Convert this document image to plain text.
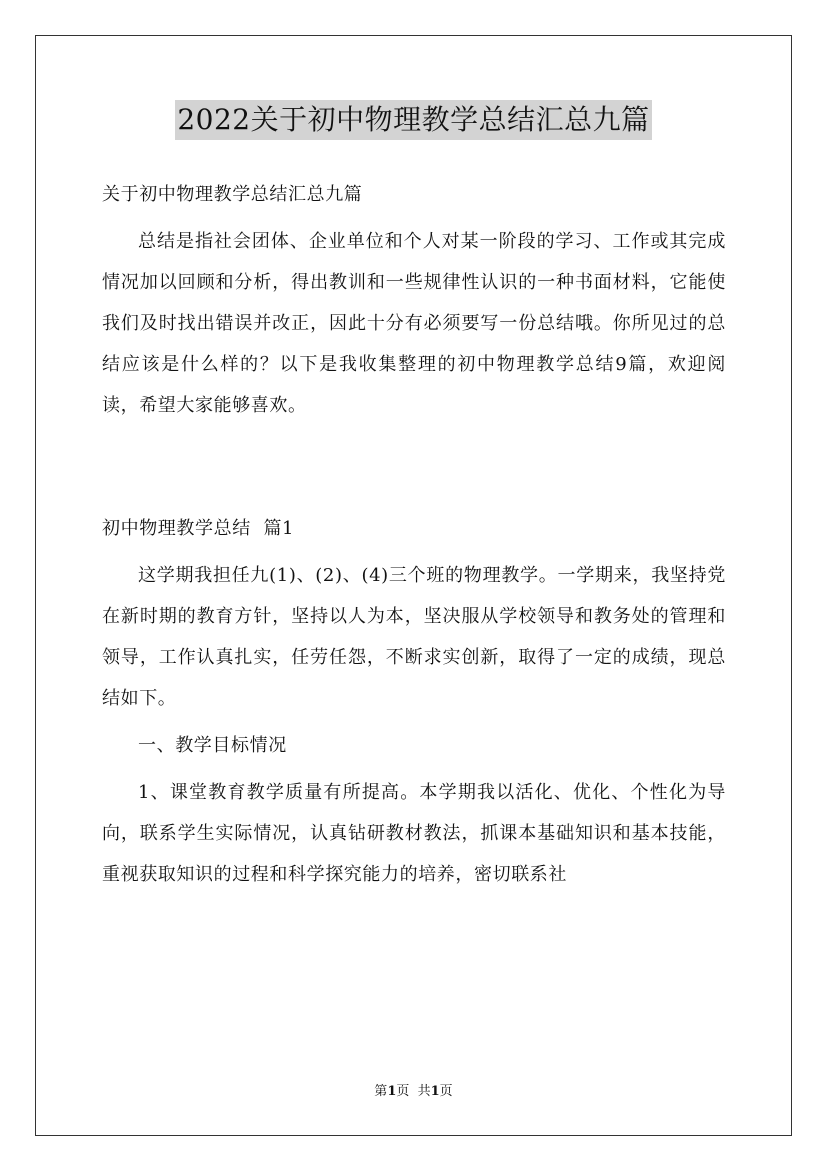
2022关于初中物理教学总结汇总九篇

关于初中物理教学总结汇总九篇

总结是指社会团体、企业单位和个人对某一阶段的学习、工作或其完成情况加以回顾和分析，得出教训和一些规律性认识的一种书面材料，它能使我们及时找出错误并改正，因此十分有必须要写一份总结哦。你所见过的总结应该是什么样的？以下是我收集整理的初中物理教学总结9篇，欢迎阅读，希望大家能够喜欢。

初中物理教学总结  篇1

这学期我担任九(1)、(2)、(4)三个班的物理教学。一学期来，我坚持党在新时期的教育方针，坚持以人为本，坚决服从学校领导和教务处的管理和领导，工作认真扎实，任劳任怨，不断求实创新，取得了一定的成绩，现总结如下。

一、教学目标情况

1、课堂教育教学质量有所提高。本学期我以活化、优化、个性化为导向，联系学生实际情况，认真钻研教材教法，抓课本基础知识和基本技能，重视获取知识的过程和科学探究能力的培养，密切联系社

第1页  共1页
